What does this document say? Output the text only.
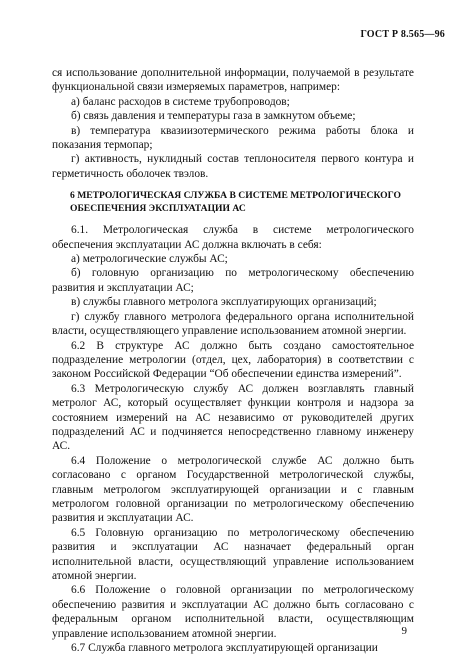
ГОСТ Р 8.565—96

ся использование дополнительной информации, получаемой в результате функциональной связи измеряемых параметров, например:

а) баланс расходов в системе трубопроводов;

б) связь давления и температуры газа в замкнутом объеме;

в) температура квазиизотермического режима работы блока и показания термопар;

г) активность, нуклидный состав теплоносителя первого контура и герметичность оболочек твэлов.

6 МЕТРОЛОГИЧЕСКАЯ СЛУЖБА В СИСТЕМЕ МЕТРОЛОГИЧЕСКОГО
ОБЕСПЕЧЕНИЯ ЭКСПЛУАТАЦИИ АС

6.1. Метрологическая служба в системе метрологического обеспечения эксплуатации АС должна включать в себя:

а) метрологические службы АС;

б) головную организацию по метрологическому обеспечению развития и эксплуатации АС;

в) службы главного метролога эксплуатирующих организаций;

г) службу главного метролога федерального органа исполнительной власти, осуществляющего управление использованием атомной энергии.

6.2 В структуре АС должно быть создано самостоятельное подразделение метрологии (отдел, цех, лаборатория) в соответствии с законом Российской Федерации “Об обеспечении единства измерений”.

6.3 Метрологическую службу АС должен возглавлять главный метролог АС, который осуществляет функции контроля и надзора за состоянием измерений на АС независимо от руководителей других подразделений АС и подчиняется непосредственно главному инженеру АС.

6.4 Положение о метрологической службе АС должно быть согласовано с органом Государственной метрологической службы, главным метрологом эксплуатирующей организации и с главным метрологом головной организации по метрологическому обеспечению развития и эксплуатации АС.

6.5 Головную организацию по метрологическому обеспечению развития и эксплуатации АС назначает федеральный орган исполнительной власти, осуществляющий управление использованием атомной энергии.

6.6 Положение о головной организации по метрологическому обеспечению развития и эксплуатации АС должно быть согласовано с федеральным органом исполнительной власти, осуществляющим управление использованием атомной энергии.

6.7 Служба главного метролога эксплуатирующей организации

9
